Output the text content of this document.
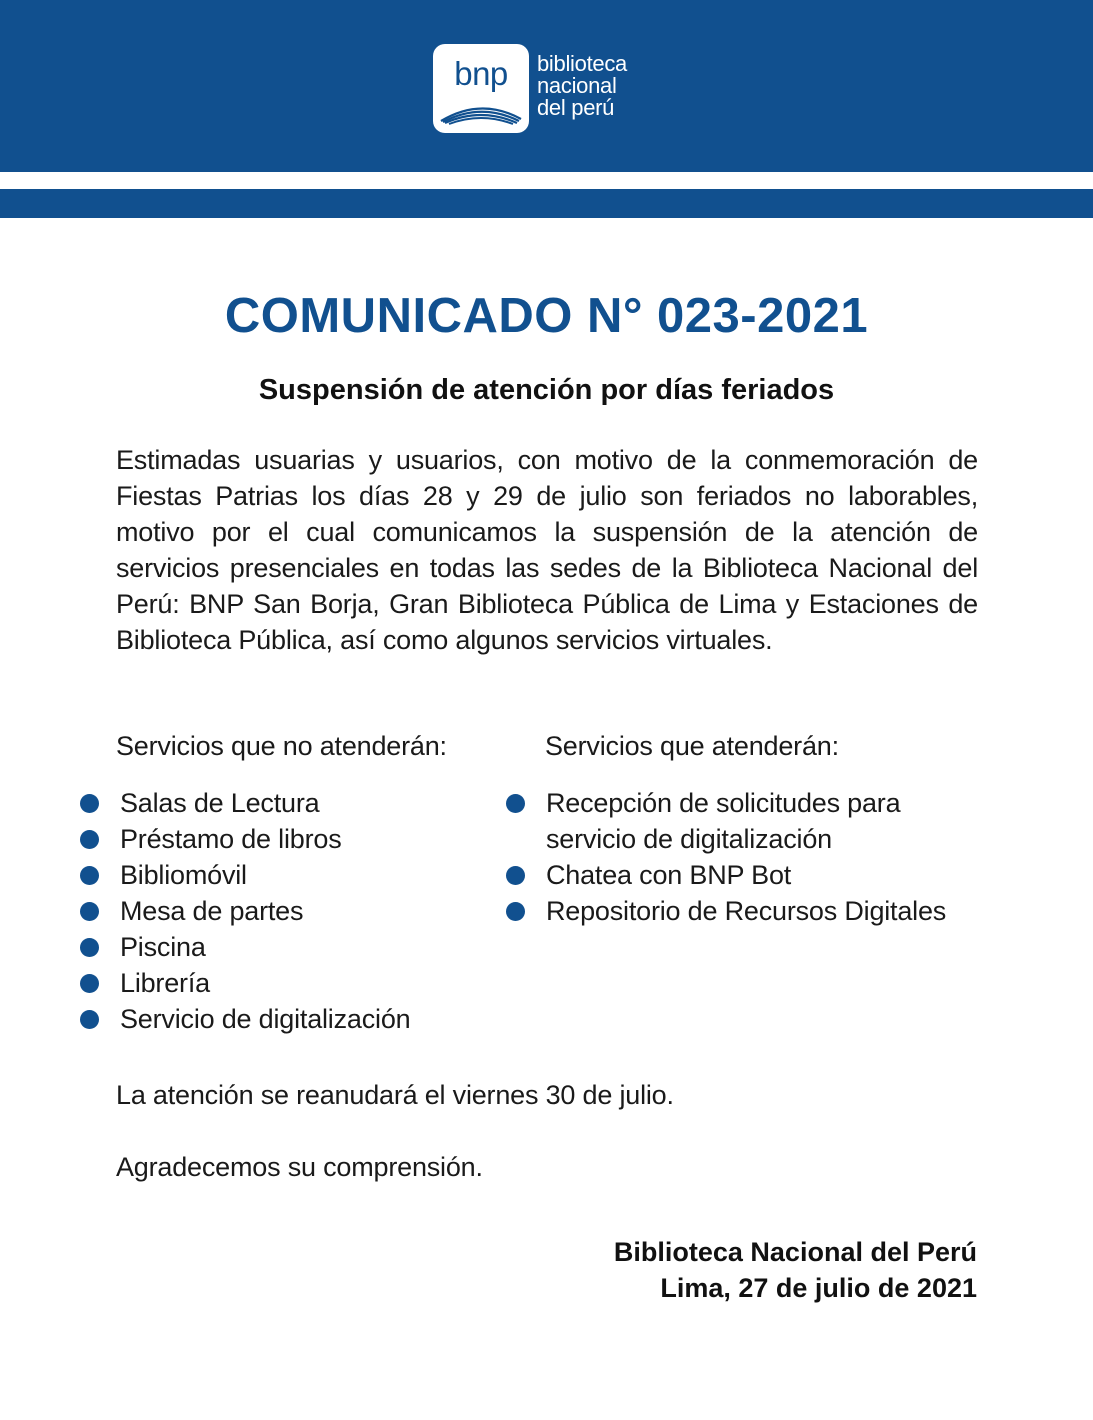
bnp	biblioteca
nacional
del perú
COMUNICADO N° 023-2021
Suspensión de atención por días feriados
Estimadas usuarias y usuarios, con motivo de la conmemoración de Fiestas Patrias los días 28 y 29 de julio son feriados no laborables, motivo por el cual comunicamos la suspensión de la atención de servicios presenciales en todas las sedes de la Biblioteca Nacional del Perú: BNP San Borja, Gran Biblioteca Pública de Lima y Estaciones de Biblioteca Pública, así como algunos servicios virtuales.
Servicios que no atenderán:	Servicios que atenderán:
Salas de Lectura
Préstamo de libros
Bibliomóvil
Mesa de partes
Piscina
Librería
Servicio de digitalización
Recepción de solicitudes para servicio de digitalización
Chatea con BNP Bot
Repositorio de Recursos Digitales
La atención se reanudará el viernes 30 de julio.
Agradecemos su comprensión.
Biblioteca Nacional del Perú
Lima, 27 de julio de 2021
